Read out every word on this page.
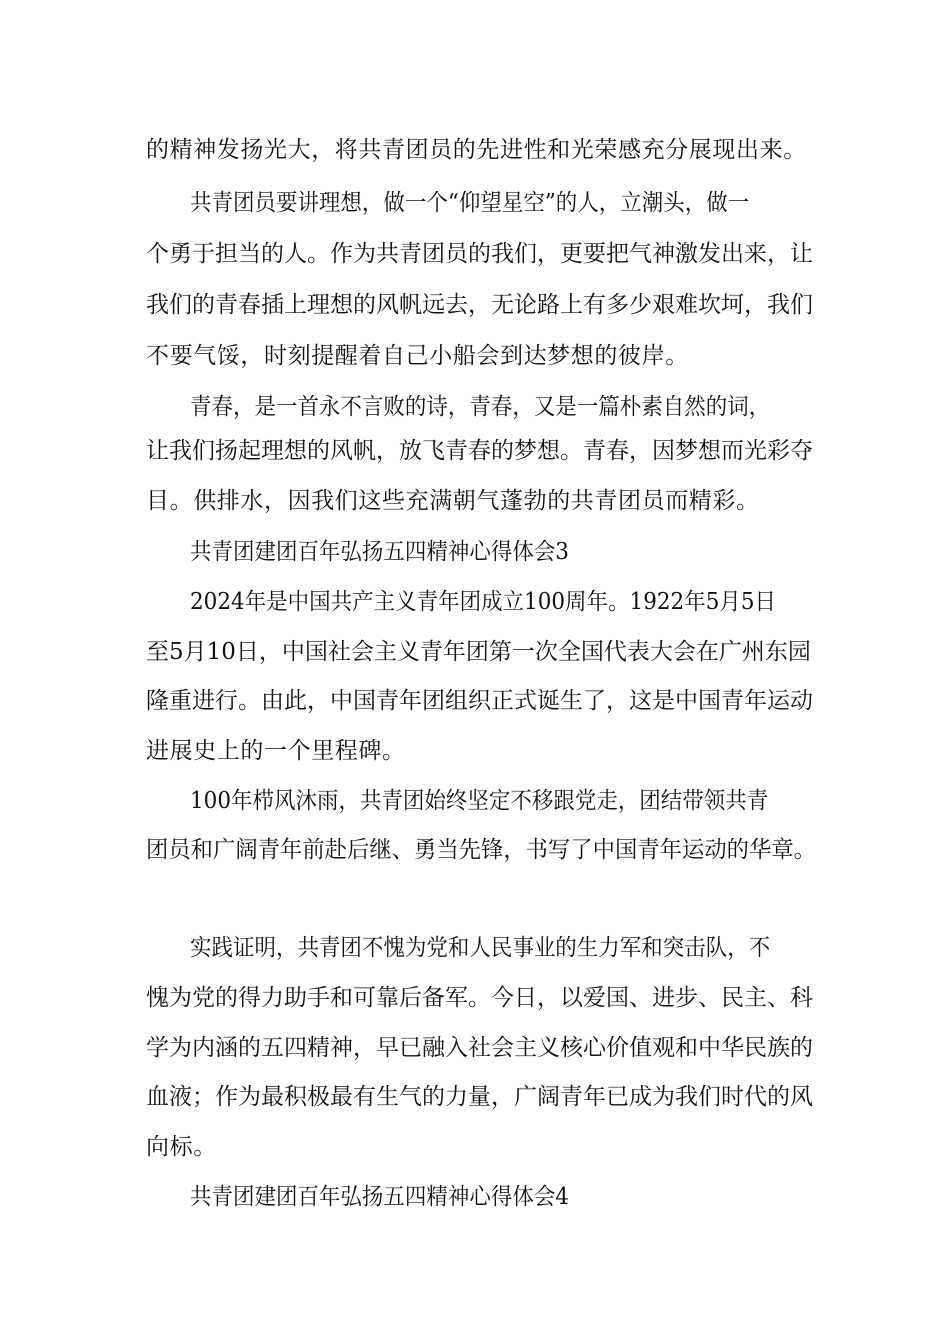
的精神发扬光大，将共青团员的先进性和光荣感充分展现出来。
共青团员要讲理想，做一个“仰望星空”的人，立潮头，做一
个勇于担当的人。作为共青团员的我们，更要把气神激发出来，让
我们的青春插上理想的风帆远去，无论路上有多少艰难坎坷，我们
不要气馁，时刻提醒着自己小船会到达梦想的彼岸。
青春，是一首永不言败的诗，青春，又是一篇朴素自然的词，
让我们扬起理想的风帆，放飞青春的梦想。青春，因梦想而光彩夺
目。供排水，因我们这些充满朝气蓬勃的共青团员而精彩。
共青团建团百年弘扬五四精神心得体会3
2024年是中国共产主义青年团成立100周年。1922年5月5日
至5月10日，中国社会主义青年团第一次全国代表大会在广州东园
隆重进行。由此，中国青年团组织正式诞生了，这是中国青年运动
进展史上的一个里程碑。
100年栉风沐雨，共青团始终坚定不移跟党走，团结带领共青
团员和广阔青年前赴后继、勇当先锋，书写了中国青年运动的华章。
实践证明，共青团不愧为党和人民事业的生力军和突击队，不
愧为党的得力助手和可靠后备军。今日，以爱国、进步、民主、科
学为内涵的五四精神，早已融入社会主义核心价值观和中华民族的
血液；作为最积极最有生气的力量，广阔青年已成为我们时代的风
向标。
共青团建团百年弘扬五四精神心得体会4
